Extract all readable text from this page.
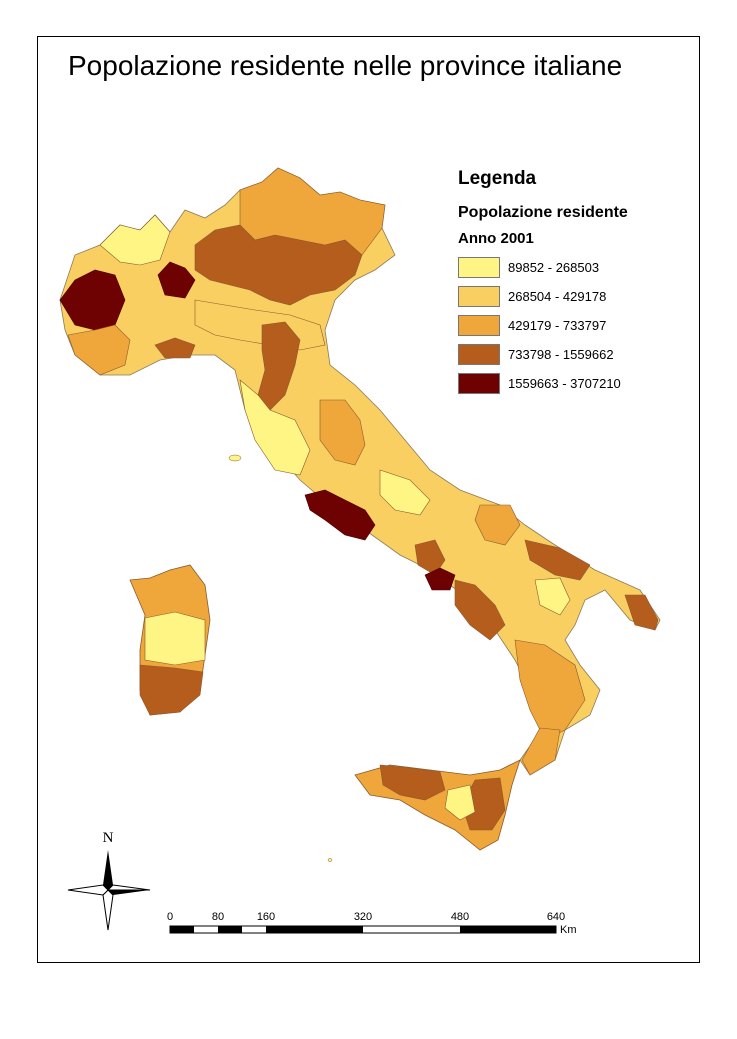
Popolazione residente nelle province italiane
N
0	80	160	320	480	640
Km
Legenda
Popolazione residente
Anno 2001
89852 - 268503
268504 - 429178
429179 - 733797
733798 - 1559662
1559663 - 3707210
